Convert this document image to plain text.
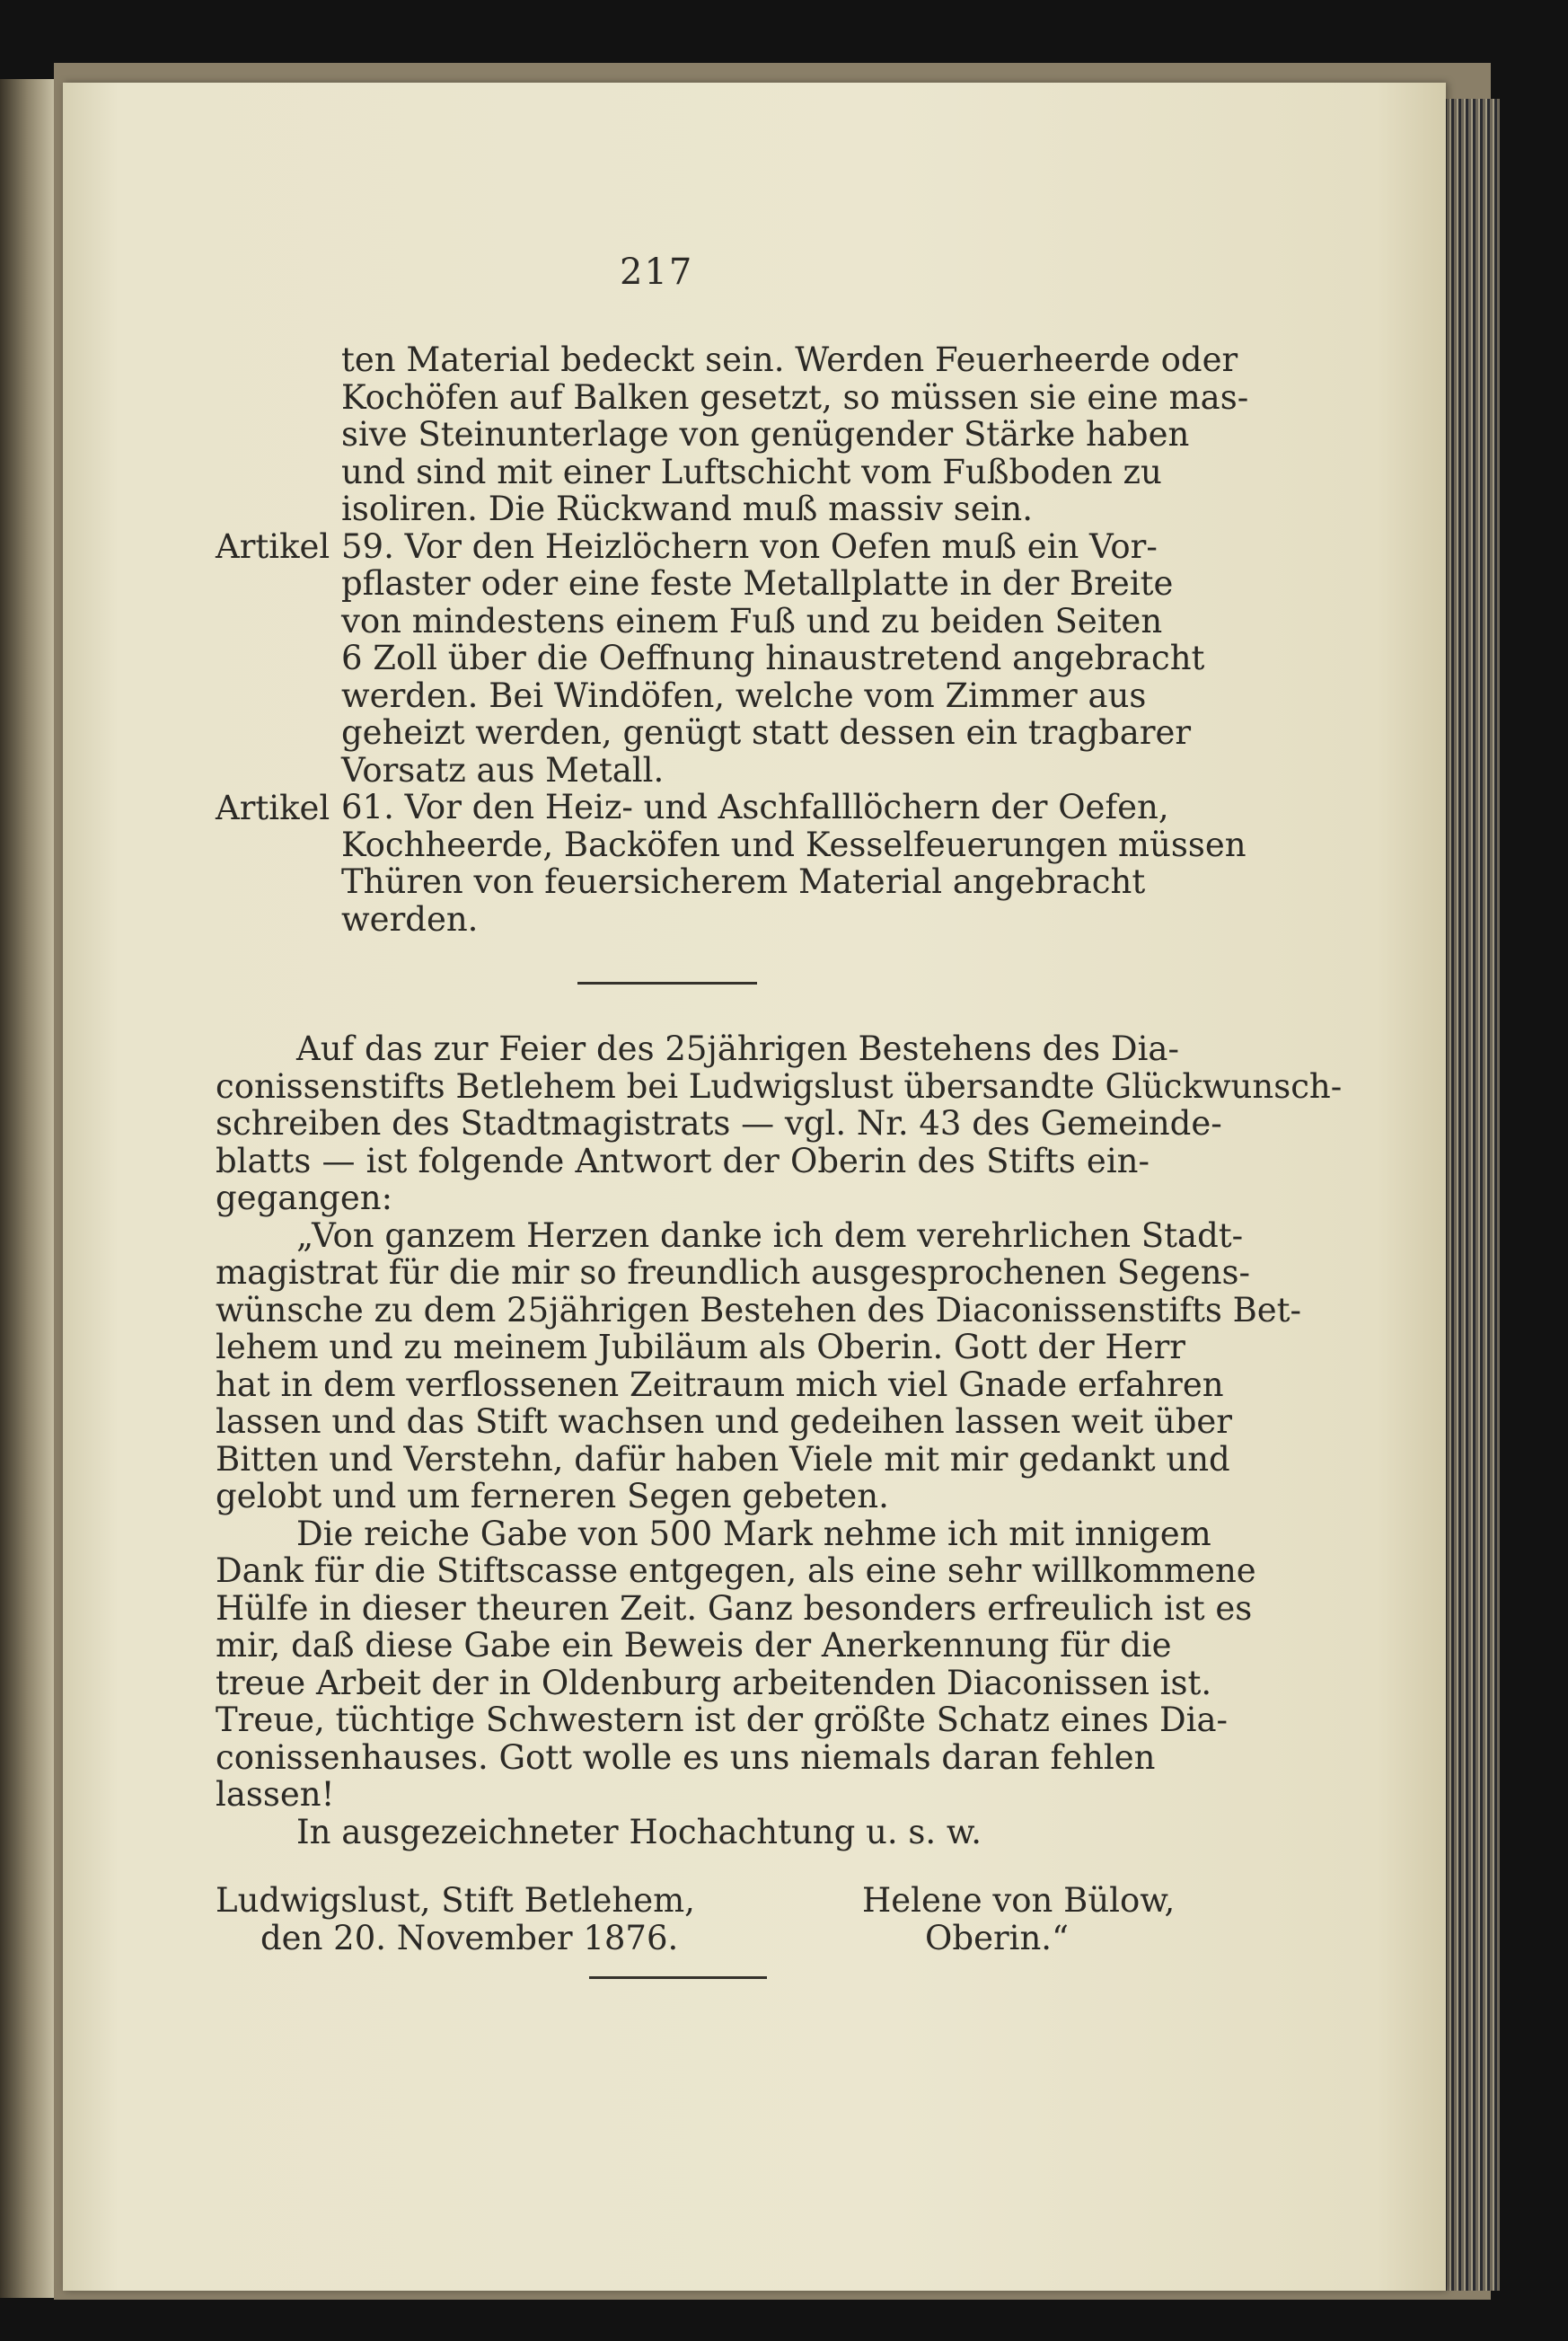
217
ten Material bedeckt sein. Werden Feuerheerde oder
Kochöfen auf Balken gesetzt, so müssen sie eine mas-
sive Steinunterlage von genügender Stärke haben
und sind mit einer Luftschicht vom Fußboden zu
isoliren. Die Rückwand muß massiv sein.
59. Vor den Heizlöchern von Oefen muß ein Vor-
pflaster oder eine feste Metallplatte in der Breite
von mindestens einem Fuß und zu beiden Seiten
6 Zoll über die Oeffnung hinaustretend angebracht
werden. Bei Windöfen, welche vom Zimmer aus
geheizt werden, genügt statt dessen ein tragbarer
Vorsatz aus Metall.
61. Vor den Heiz- und Aschfalllöchern der Oefen,
Kochheerde, Backöfen und Kesselfeuerungen müssen
Thüren von feuersicherem Material angebracht
werden.
Artikel
Artikel
Auf das zur Feier des 25jährigen Bestehens des Dia-
conissenstifts Betlehem bei Ludwigslust übersandte Glückwunsch-
schreiben des Stadtmagistrats — vgl. Nr. 43 des Gemeinde-
blatts — ist folgende Antwort der Oberin des Stifts ein-
gegangen:
„Von ganzem Herzen danke ich dem verehrlichen Stadt-
magistrat für die mir so freundlich ausgesprochenen Segens-
wünsche zu dem 25jährigen Bestehen des Diaconissenstifts Bet-
lehem und zu meinem Jubiläum als Oberin. Gott der Herr
hat in dem verflossenen Zeitraum mich viel Gnade erfahren
lassen und das Stift wachsen und gedeihen lassen weit über
Bitten und Verstehn, dafür haben Viele mit mir gedankt und
gelobt und um ferneren Segen gebeten.
Die reiche Gabe von 500 Mark nehme ich mit innigem
Dank für die Stiftscasse entgegen, als eine sehr willkommene
Hülfe in dieser theuren Zeit. Ganz besonders erfreulich ist es
mir, daß diese Gabe ein Beweis der Anerkennung für die
treue Arbeit der in Oldenburg arbeitenden Diaconissen ist.
Treue, tüchtige Schwestern ist der größte Schatz eines Dia-
conissenhauses. Gott wolle es uns niemals daran fehlen
lassen!
In ausgezeichneter Hochachtung u. s. w.
Ludwigslust, Stift Betlehem,
den 20. November 1876.
Helene von Bülow,
Oberin.“
